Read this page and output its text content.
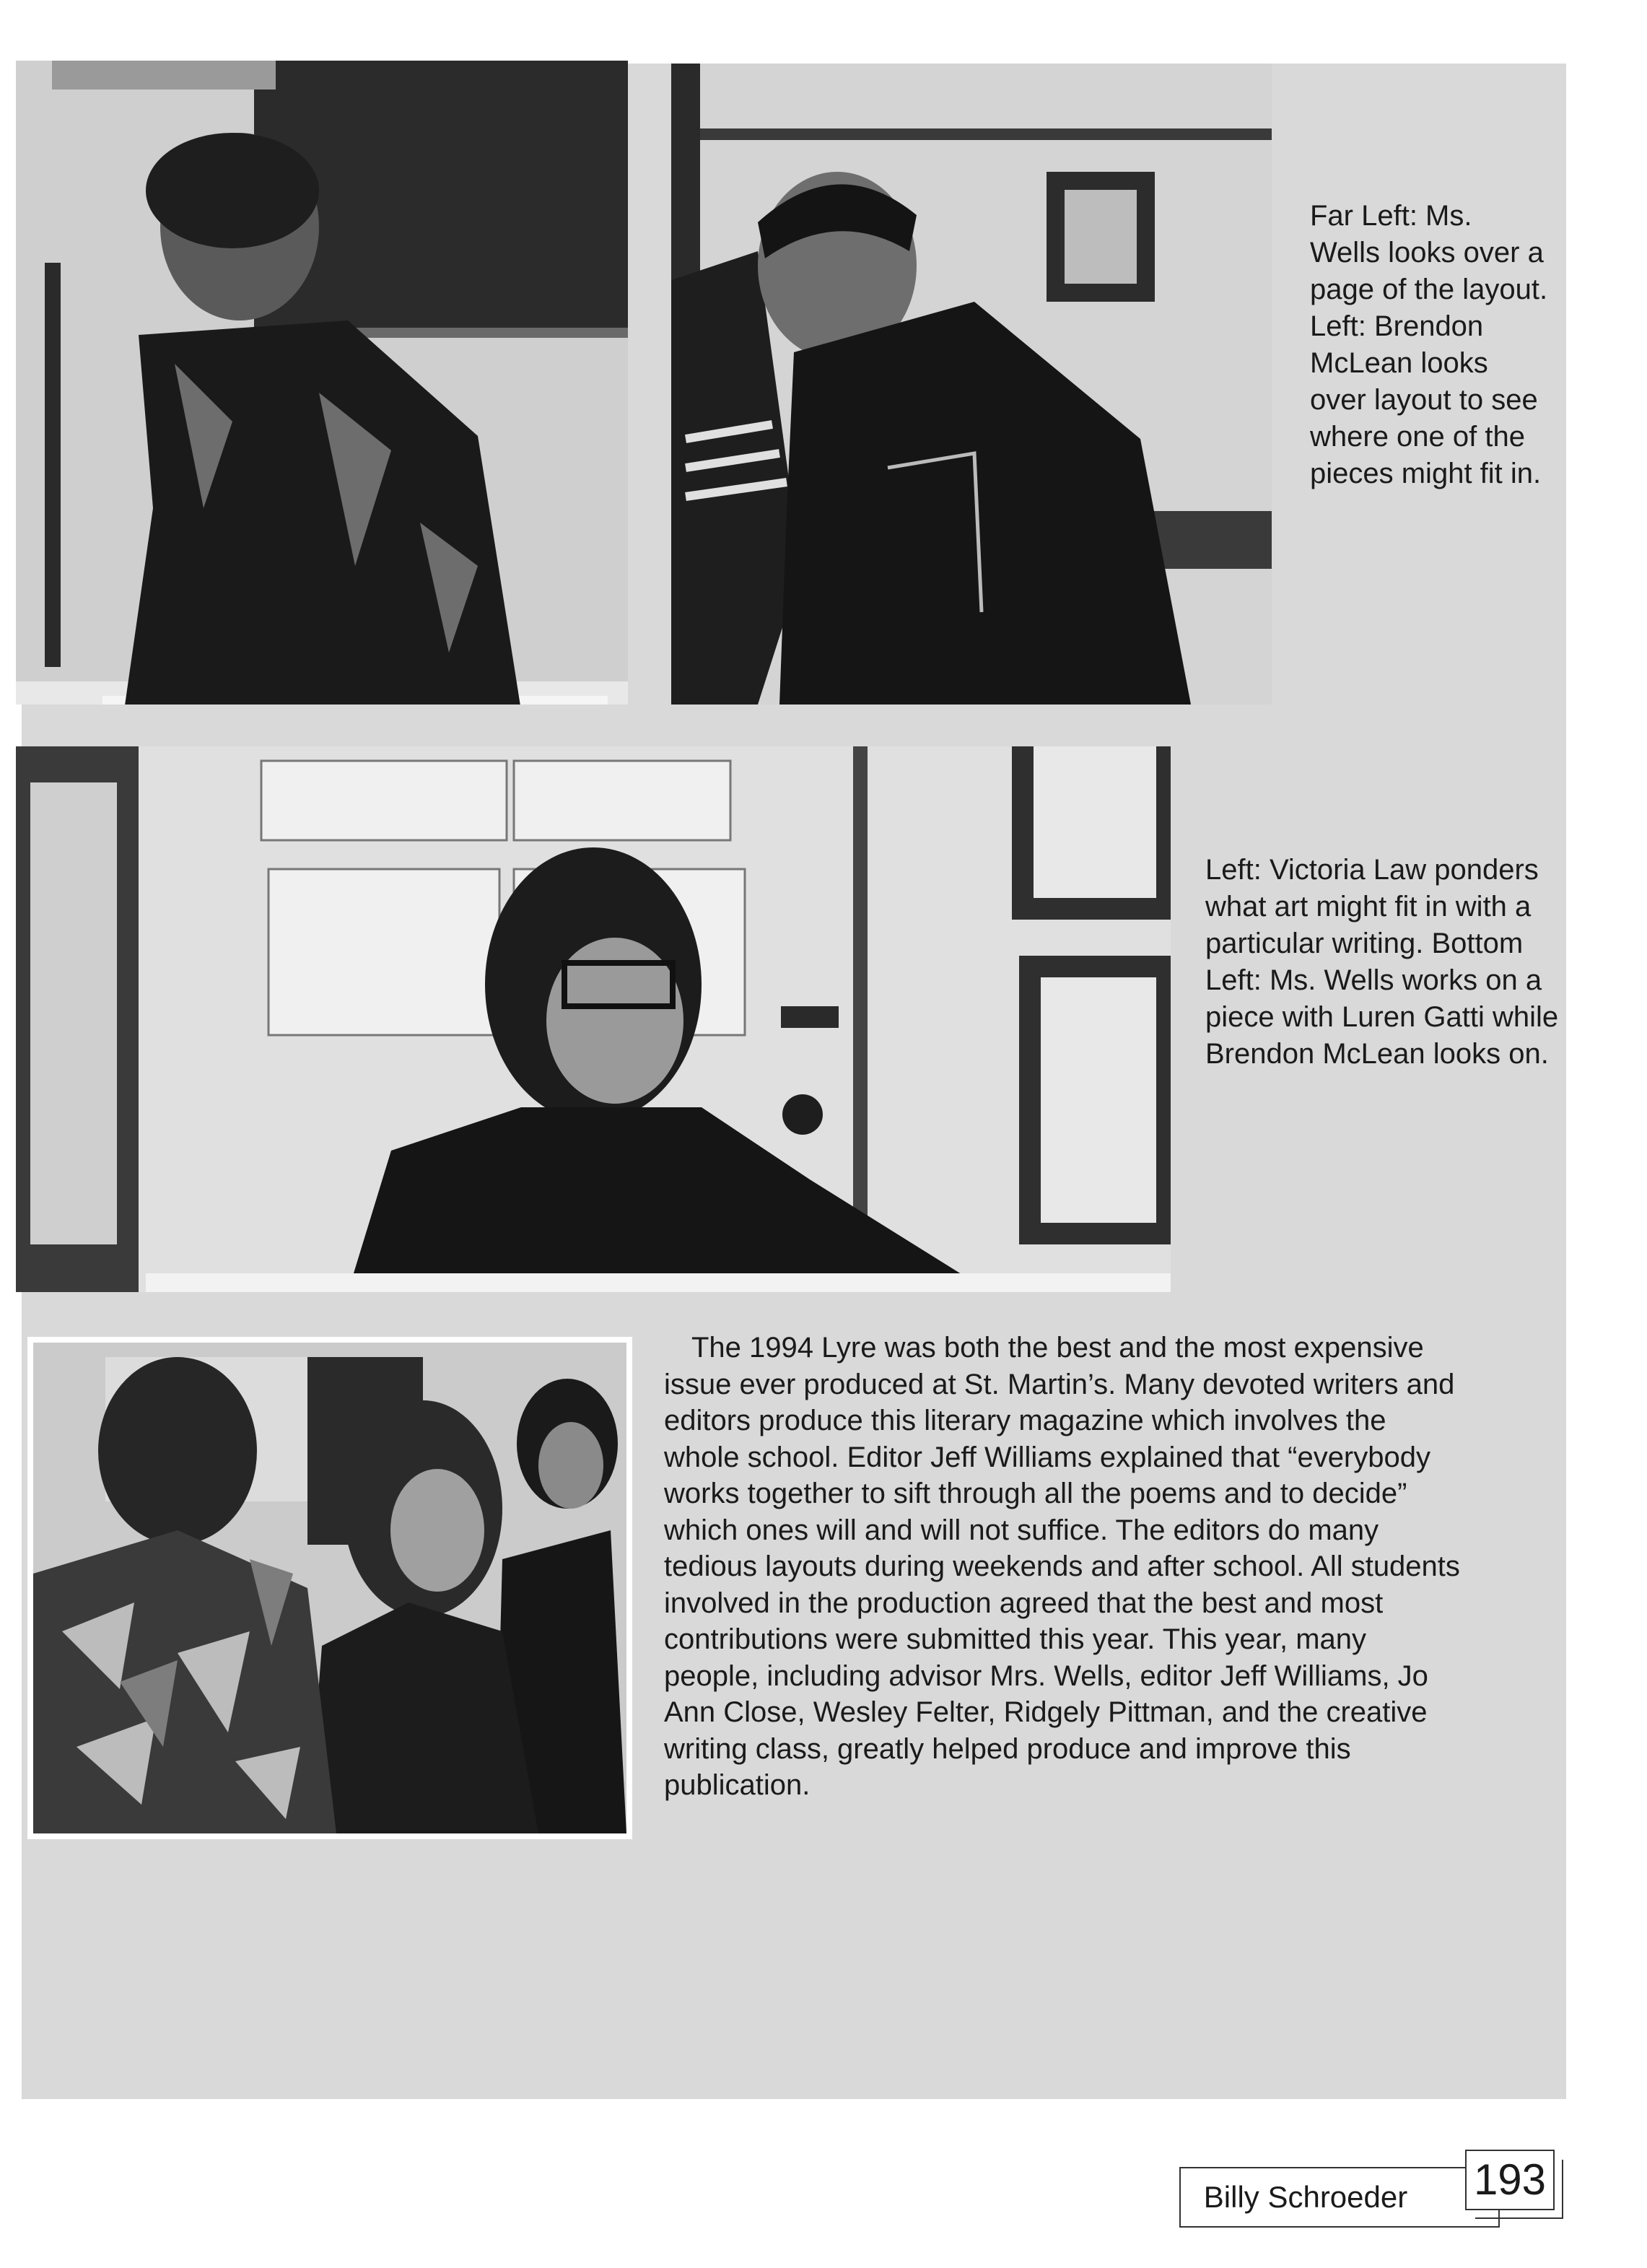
Far Left: Ms. Wells looks over a page of the layout. Left: Brendon McLean looks over layout to see where one of the pieces might fit in.

Left: Victoria Law ponders what art might fit in with a particular writing. Bottom Left: Ms. Wells works on a piece with Luren Gatti while Brendon McLean looks on.

The 1994 Lyre was both the best and the most expensive issue ever produced at St. Martin’s. Many devoted writers and editors produce this literary magazine which involves the whole school. Editor Jeff Williams explained that “everybody works together to sift through all the poems and to decide” which ones will and will not suffice. The editors do many tedious layouts during weekends and after school. All students involved in the production agreed that the best and most contributions were submitted this year. This year, many people, including advisor Mrs. Wells, editor Jeff Williams, Jo Ann Close, Wesley Felter, Ridgely Pittman, and the creative writing class, greatly helped produce and improve this publication.

Billy Schroeder	193
